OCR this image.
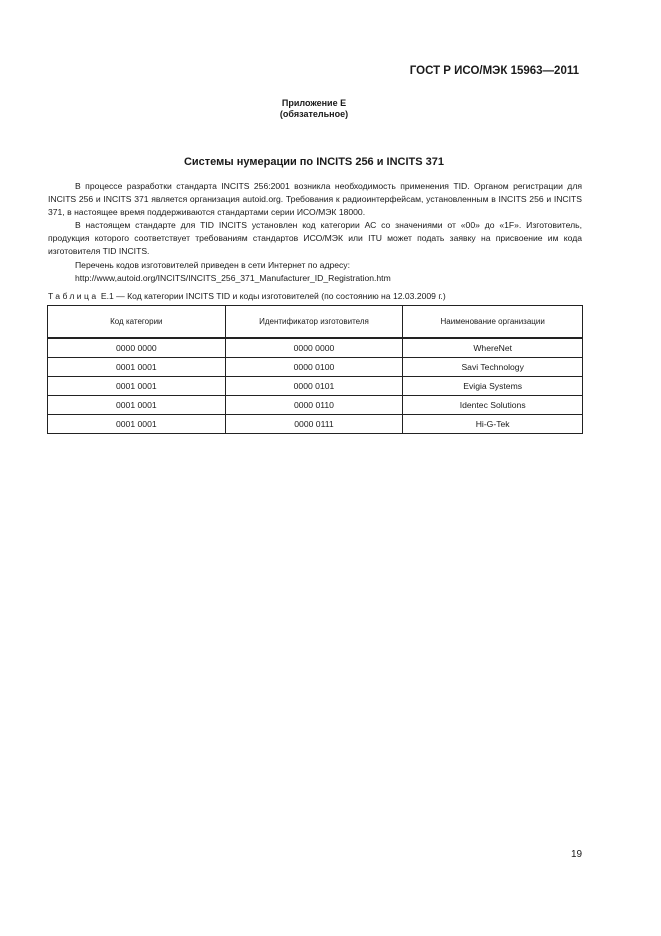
ГОСТ Р ИСО/МЭК 15963—2011
Приложение Е
(обязательное)
Системы нумерации по INCITS 256 и INCITS 371

В процессе разработки стандарта INCITS 256:2001 возникла необходимость применения TID. Органом регистрации для INCITS 256 и INCITS 371 является организация autoid.org. Требования к радиоинтерфейсам, установленным в INCITS 256 и INCITS 371, в настоящее время поддерживаются стандартами серии ИСО/МЭК 18000.

В настоящем стандарте для TID INCITS установлен код категории АС со значениями от «00» до «1F». Изготовитель, продукция которого соответствует требованиям стандартов ИСО/МЭК или ITU может подать заявку на присвоение им кода изготовителя TID INCITS.

Перечень кодов изготовителей приведен в сети Интернет по адресу:

http://www,autoid.org/INCITS/INCITS_256_371_Manufacturer_ID_Registration.htm

Таблица Е.1 — Код категории INCITS TID и коды изготовителей (по состоянию на 12.03.2009 г.)
Код категории	Идентификатор изготовителя	Наименование организации
0000 0000	0000 0000	WhereNet
0001 0001	0000 0100	Savi Technology
0001 0001	0000 0101	Evigia Systems
0001 0001	0000 0110	Identec Solutions
0001 0001	0000 0111	Hi-G-Tek
19
